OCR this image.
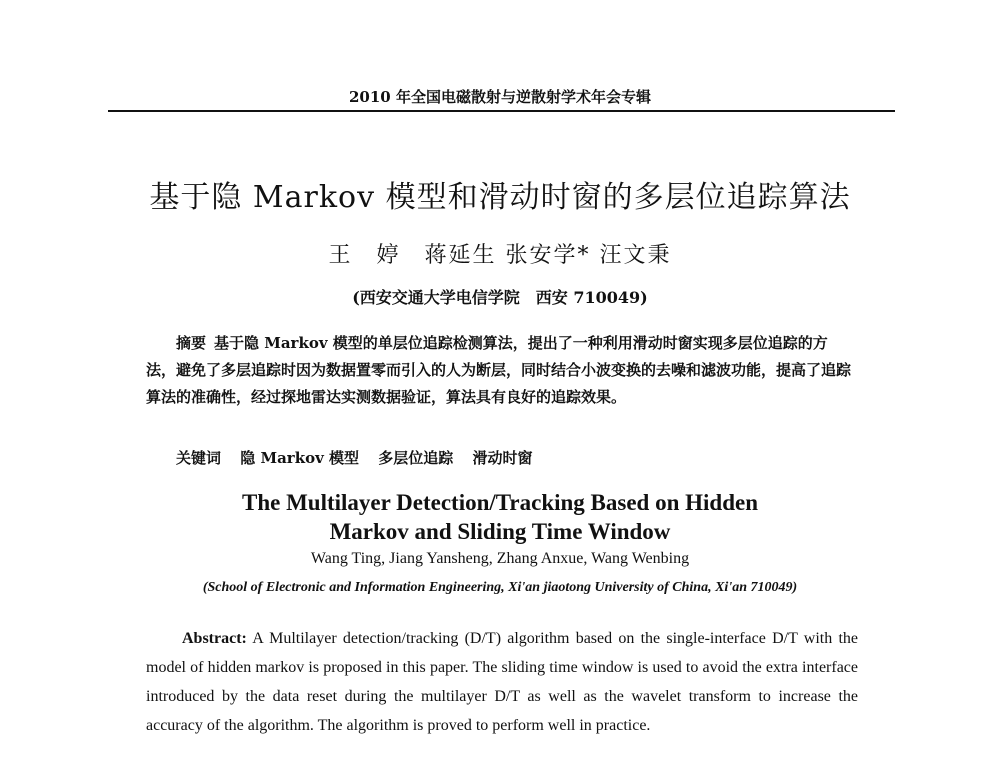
2010 年全国电磁散射与逆散射学术年会专辑
基于隐 Markov 模型和滑动时窗的多层位追踪算法
王　婷　蒋延生 张安学* 汪文秉
(西安交通大学电信学院　西安 710049)
摘要 基于隐 Markov 模型的单层位追踪检测算法，提出了一种利用滑动时窗实现多层位追踪的方法，避免了多层追踪时因为数据置零而引入的人为断层，同时结合小波变换的去噪和滤波功能，提高了追踪算法的准确性，经过探地雷达实测数据验证，算法具有良好的追踪效果。
关键词 隐 Markov 模型 多层位追踪 滑动时窗
The Multilayer Detection/Tracking Based on Hidden
Markov and Sliding Time Window
Wang Ting, Jiang Yansheng, Zhang Anxue, Wang Wenbing
(School of Electronic and Information Engineering, Xi'an jiaotong University of China, Xi'an 710049)
Abstract: A Multilayer detection/tracking (D/T) algorithm based on the single-interface D/T with the model of hidden markov is proposed in this paper. The sliding time window is used to avoid the extra interface introduced by the data reset during the multilayer D/T as well as the wavelet transform to increase the accuracy of the algorithm. The algorithm is proved to perform well in practice.
